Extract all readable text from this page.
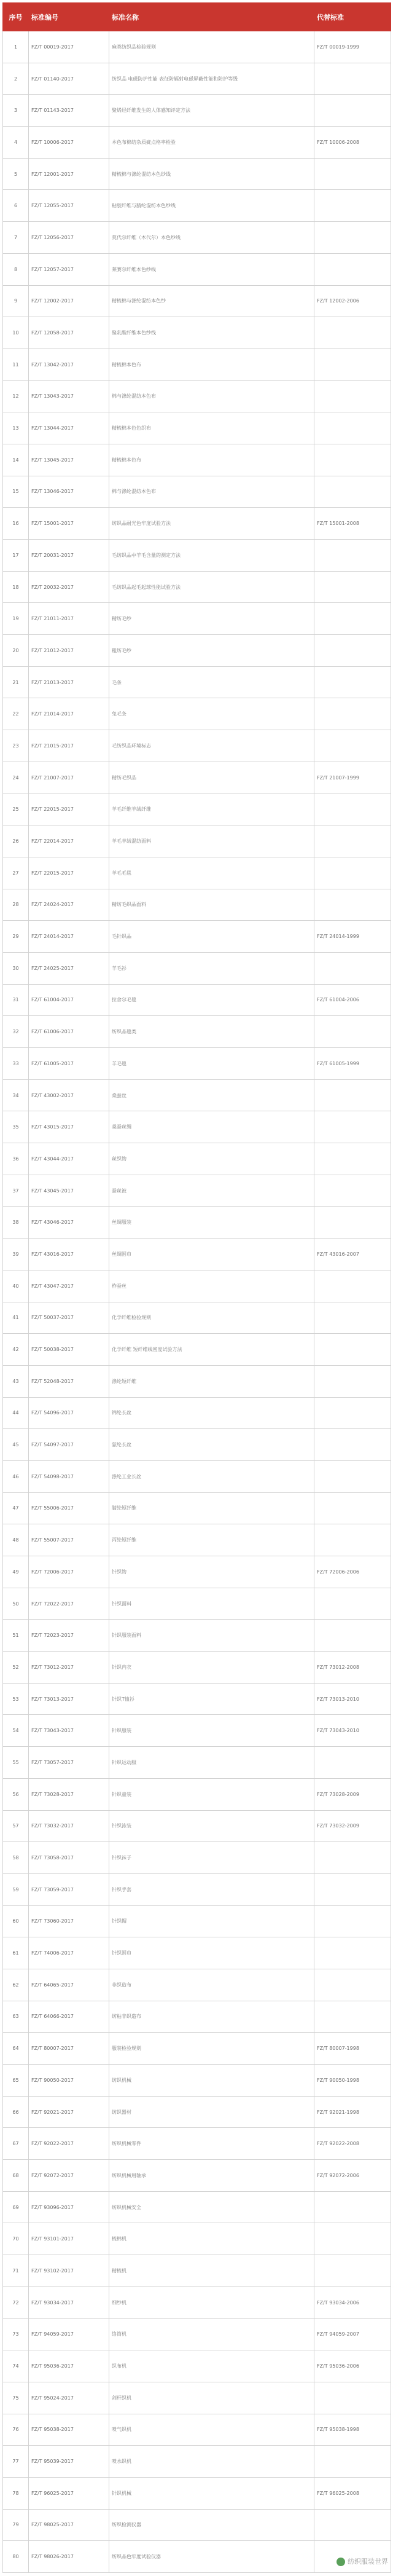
序号	标准编号	标准名称	代替标准
1	FZ/T 00019-2017	麻类纺织品检验规则	FZ/T 00019-1999
2	FZ/T 01140-2017	纺织品 电磁防护性能 表征防辐射电磁屏蔽性能和防护等级	
3	FZ/T 01143-2017	聚烯烃纤维发生的人体感知评定方法	
4	FZ/T 10006-2017	本色布棉结杂质疵点格率检验	FZ/T 10006-2008
5	FZ/T 12001-2017	精梳棉与涤纶混纺本色纱线	
6	FZ/T 12055-2017	粘胶纤维与腈纶混纺本色纱线	
7	FZ/T 12056-2017	莫代尔纤维（木代尔）本色纱线	
8	FZ/T 12057-2017	莱赛尔纤维本色纱线	
9	FZ/T 12002-2017	精梳棉与涤纶混纺本色纱	FZ/T 12002-2006
10	FZ/T 12058-2017	聚乳酸纤维本色纱线	
11	FZ/T 13042-2017	精梳棉本色布	
12	FZ/T 13043-2017	棉与涤纶混纺本色布	
13	FZ/T 13044-2017	精梳棉本色色织布	
14	FZ/T 13045-2017	精梳棉本色布	
15	FZ/T 13046-2017	棉与涤纶混纺本色布	
16	FZ/T 15001-2017	纺织品耐光色牢度试验方法	FZ/T 15001-2008
17	FZ/T 20031-2017	毛纺织品中羊毛含量的测定方法	
18	FZ/T 20032-2017	毛纺织品起毛起球性能试验方法	
19	FZ/T 21011-2017	精纺毛纱	
20	FZ/T 21012-2017	粗纺毛纱	
21	FZ/T 21013-2017	毛条	
22	FZ/T 21014-2017	兔毛条	
23	FZ/T 21015-2017	毛纺织品环境标志	
24	FZ/T 21007-2017	精纺毛织品	FZ/T 21007-1999
25	FZ/T 22015-2017	羊毛纤维羊绒纤维	
26	FZ/T 22014-2017	羊毛羊绒混纺面料	
27	FZ/T 22015-2017	羊毛毛毯	
28	FZ/T 24024-2017	精纺毛织品面料	
29	FZ/T 24014-2017	毛针织品	FZ/T 24014-1999
30	FZ/T 24025-2017	羊毛衫	
31	FZ/T 61004-2017	拉舍尔毛毯	FZ/T 61004-2006
32	FZ/T 61006-2017	纺织品毯类	
33	FZ/T 61005-2017	羊毛毯	FZ/T 61005-1999
34	FZ/T 43002-2017	桑蚕丝	
35	FZ/T 43015-2017	桑蚕丝绸	
36	FZ/T 43044-2017	丝织物	
37	FZ/T 43045-2017	蚕丝被	
38	FZ/T 43046-2017	丝绸服装	
39	FZ/T 43016-2017	丝绸围巾	FZ/T 43016-2007
40	FZ/T 43047-2017	柞蚕丝	
41	FZ/T 50037-2017	化学纤维检验规则	
42	FZ/T 50038-2017	化学纤维 短纤维线密度试验方法	
43	FZ/T 52048-2017	涤纶短纤维	
44	FZ/T 54096-2017	锦纶长丝	
45	FZ/T 54097-2017	氨纶长丝	
46	FZ/T 54098-2017	涤纶工业长丝	
47	FZ/T 55006-2017	腈纶短纤维	
48	FZ/T 55007-2017	丙纶短纤维	
49	FZ/T 72006-2017	针织物	FZ/T 72006-2006
50	FZ/T 72022-2017	针织面料	
51	FZ/T 72023-2017	针织服装面料	
52	FZ/T 73012-2017	针织内衣	FZ/T 73012-2008
53	FZ/T 73013-2017	针织T恤衫	FZ/T 73013-2010
54	FZ/T 73043-2017	针织服装	FZ/T 73043-2010
55	FZ/T 73057-2017	针织运动服	
56	FZ/T 73028-2017	针织童装	FZ/T 73028-2009
57	FZ/T 73032-2017	针织泳装	FZ/T 73032-2009
58	FZ/T 73058-2017	针织袜子	
59	FZ/T 73059-2017	针织手套	
60	FZ/T 73060-2017	针织帽	
61	FZ/T 74006-2017	针织围巾	
62	FZ/T 64065-2017	非织造布	
63	FZ/T 64066-2017	纺粘非织造布	
64	FZ/T 80007-2017	服装检验规则	FZ/T 80007-1998
65	FZ/T 90050-2017	纺织机械	FZ/T 90050-1998
66	FZ/T 92021-2017	纺织器材	FZ/T 92021-1998
67	FZ/T 92022-2017	纺织机械零件	FZ/T 92022-2008
68	FZ/T 92072-2017	纺织机械用轴承	FZ/T 92072-2006
69	FZ/T 93096-2017	纺织机械安全	
70	FZ/T 93101-2017	梳棉机	
71	FZ/T 93102-2017	精梳机	
72	FZ/T 93034-2017	细纱机	FZ/T 93034-2006
73	FZ/T 94059-2017	络筒机	FZ/T 94059-2007
74	FZ/T 95036-2017	织布机	FZ/T 95036-2006
75	FZ/T 95024-2017	剑杆织机	
76	FZ/T 95038-2017	喷气织机	FZ/T 95038-1998
77	FZ/T 95039-2017	喷水织机	
78	FZ/T 96025-2017	针织机械	FZ/T 96025-2008
79	FZ/T 98025-2017	纺织检测仪器	
80	FZ/T 98026-2017	纺织品色牢度试验仪器	
纺织服装世界
